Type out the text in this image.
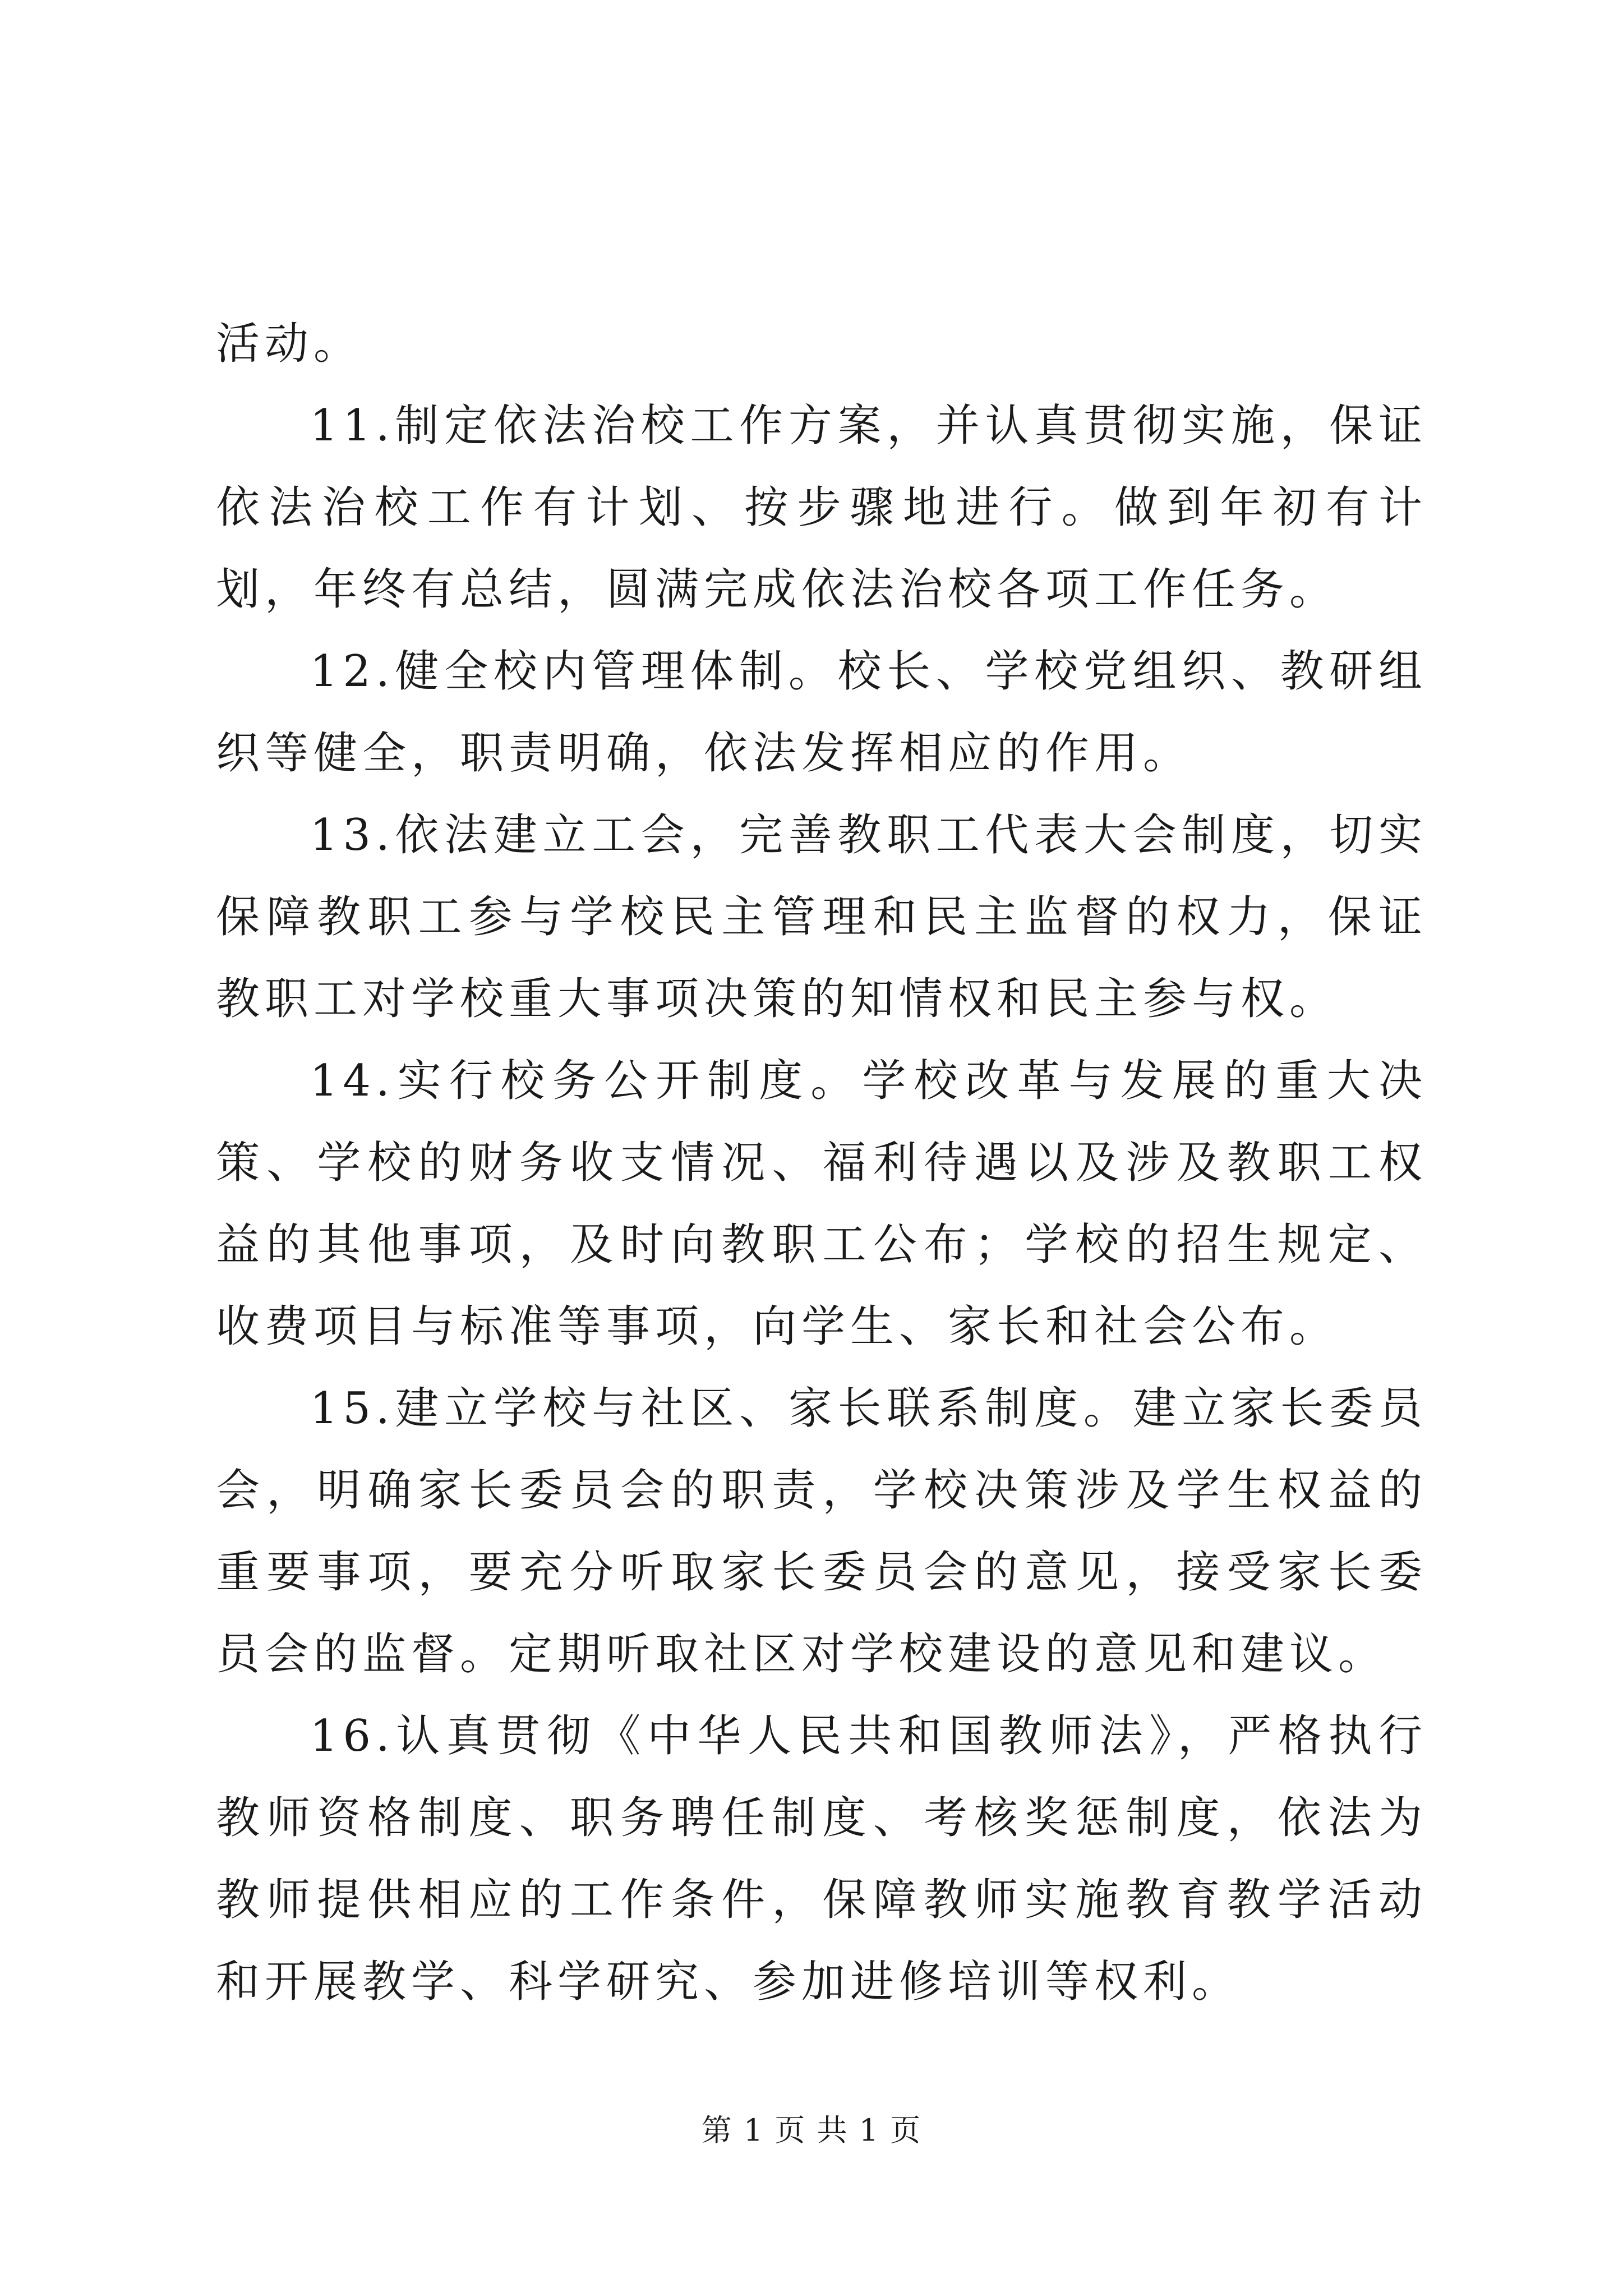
活动。

11.制定依法治校工作方案，并认真贯彻实施，保证依法治校工作有计划、按步骤地进行。做到年初有计划，年终有总结，圆满完成依法治校各项工作任务。

12.健全校内管理体制。校长、学校党组织、教研组织等健全，职责明确，依法发挥相应的作用。

13.依法建立工会，完善教职工代表大会制度，切实保障教职工参与学校民主管理和民主监督的权力，保证教职工对学校重大事项决策的知情权和民主参与权。

14.实行校务公开制度。学校改革与发展的重大决策、学校的财务收支情况、福利待遇以及涉及教职工权益的其他事项，及时向教职工公布；学校的招生规定、收费项目与标准等事项，向学生、家长和社会公布。

15.建立学校与社区、家长联系制度。建立家长委员会，明确家长委员会的职责，学校决策涉及学生权益的重要事项，要充分听取家长委员会的意见，接受家长委员会的监督。定期听取社区对学校建设的意见和建议。

16.认真贯彻《中华人民共和国教师法》，严格执行教师资格制度、职务聘任制度、考核奖惩制度，依法为教师提供相应的工作条件，保障教师实施教育教学活动和开展教学、科学研究、参加进修培训等权利。

第 1 页 共 1 页
